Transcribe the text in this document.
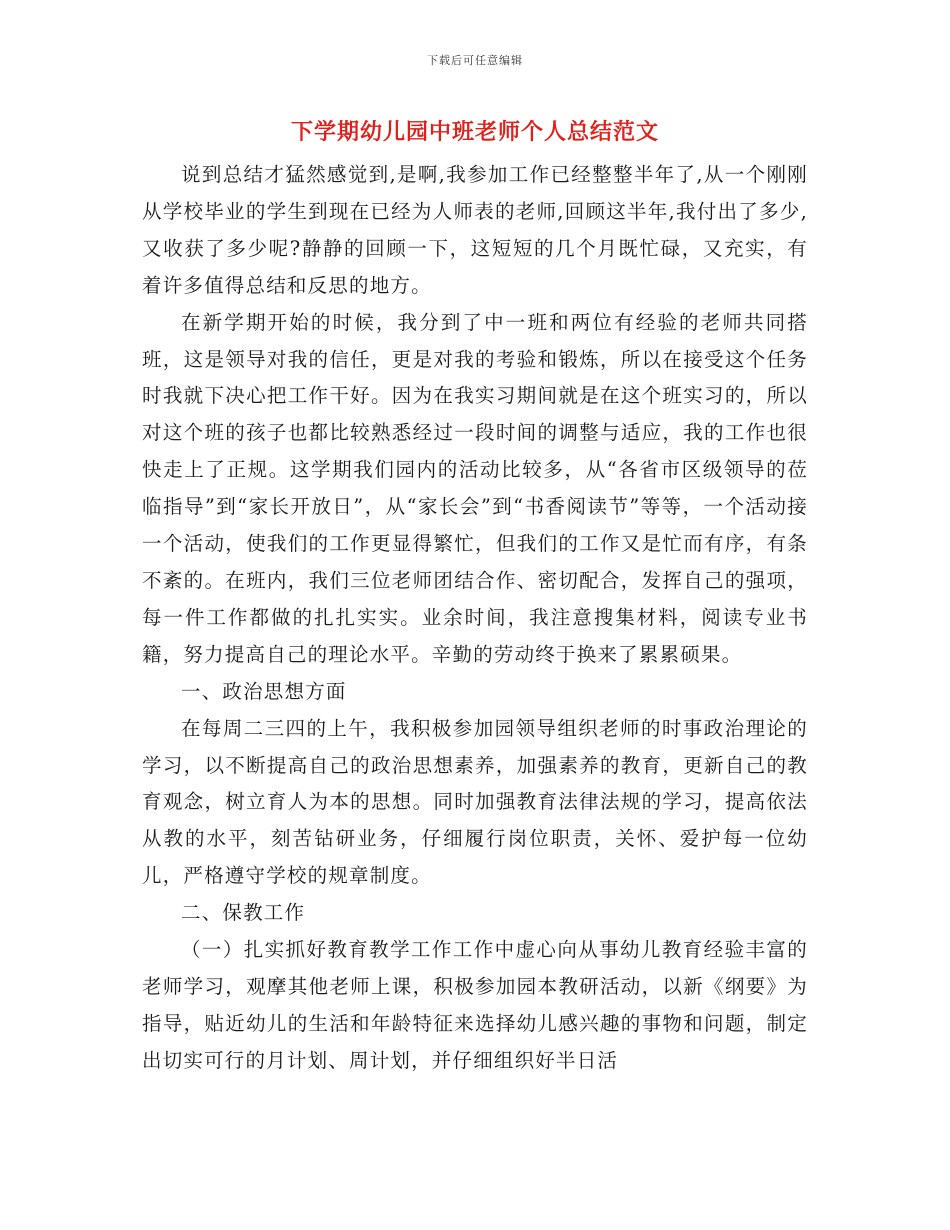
下载后可任意编辑
下学期幼儿园中班老师个人总结范文

说到总结才猛然感觉到,是啊,我参加工作已经整整半年了,从一个刚刚从学校毕业的学生到现在已经为人师表的老师,回顾这半年,我付出了多少,又收获了多少呢?静静的回顾一下，这短短的几个月既忙碌，又充实，有着许多值得总结和反思的地方。

在新学期开始的时候，我分到了中一班和两位有经验的老师共同搭班，这是领导对我的信任，更是对我的考验和锻炼，所以在接受这个任务时我就下决心把工作干好。因为在我实习期间就是在这个班实习的，所以对这个班的孩子也都比较熟悉经过一段时间的调整与适应，我的工作也很快走上了正规。这学期我们园内的活动比较多，从“各省市区级领导的莅临指导”到“家长开放日”，从“家长会”到“书香阅读节”等等，一个活动接一个活动，使我们的工作更显得繁忙，但我们的工作又是忙而有序，有条不紊的。在班内，我们三位老师团结合作、密切配合，发挥自己的强项，每一件工作都做的扎扎实实。业余时间，我注意搜集材料，阅读专业书籍，努力提高自己的理论水平。辛勤的劳动终于换来了累累硕果。

一、政治思想方面

在每周二三四的上午，我积极参加园领导组织老师的时事政治理论的学习，以不断提高自己的政治思想素养，加强素养的教育，更新自己的教育观念，树立育人为本的思想。同时加强教育法律法规的学习，提高依法从教的水平，刻苦钻研业务，仔细履行岗位职责，关怀、爱护每一位幼儿，严格遵守学校的规章制度。

二、保教工作

（一）扎实抓好教育教学工作工作中虚心向从事幼儿教育经验丰富的老师学习，观摩其他老师上课，积极参加园本教研活动，以新《纲要》为指导，贴近幼儿的生活和年龄特征来选择幼儿感兴趣的事物和问题，制定出切实可行的月计划、周计划，并仔细组织好半日活
